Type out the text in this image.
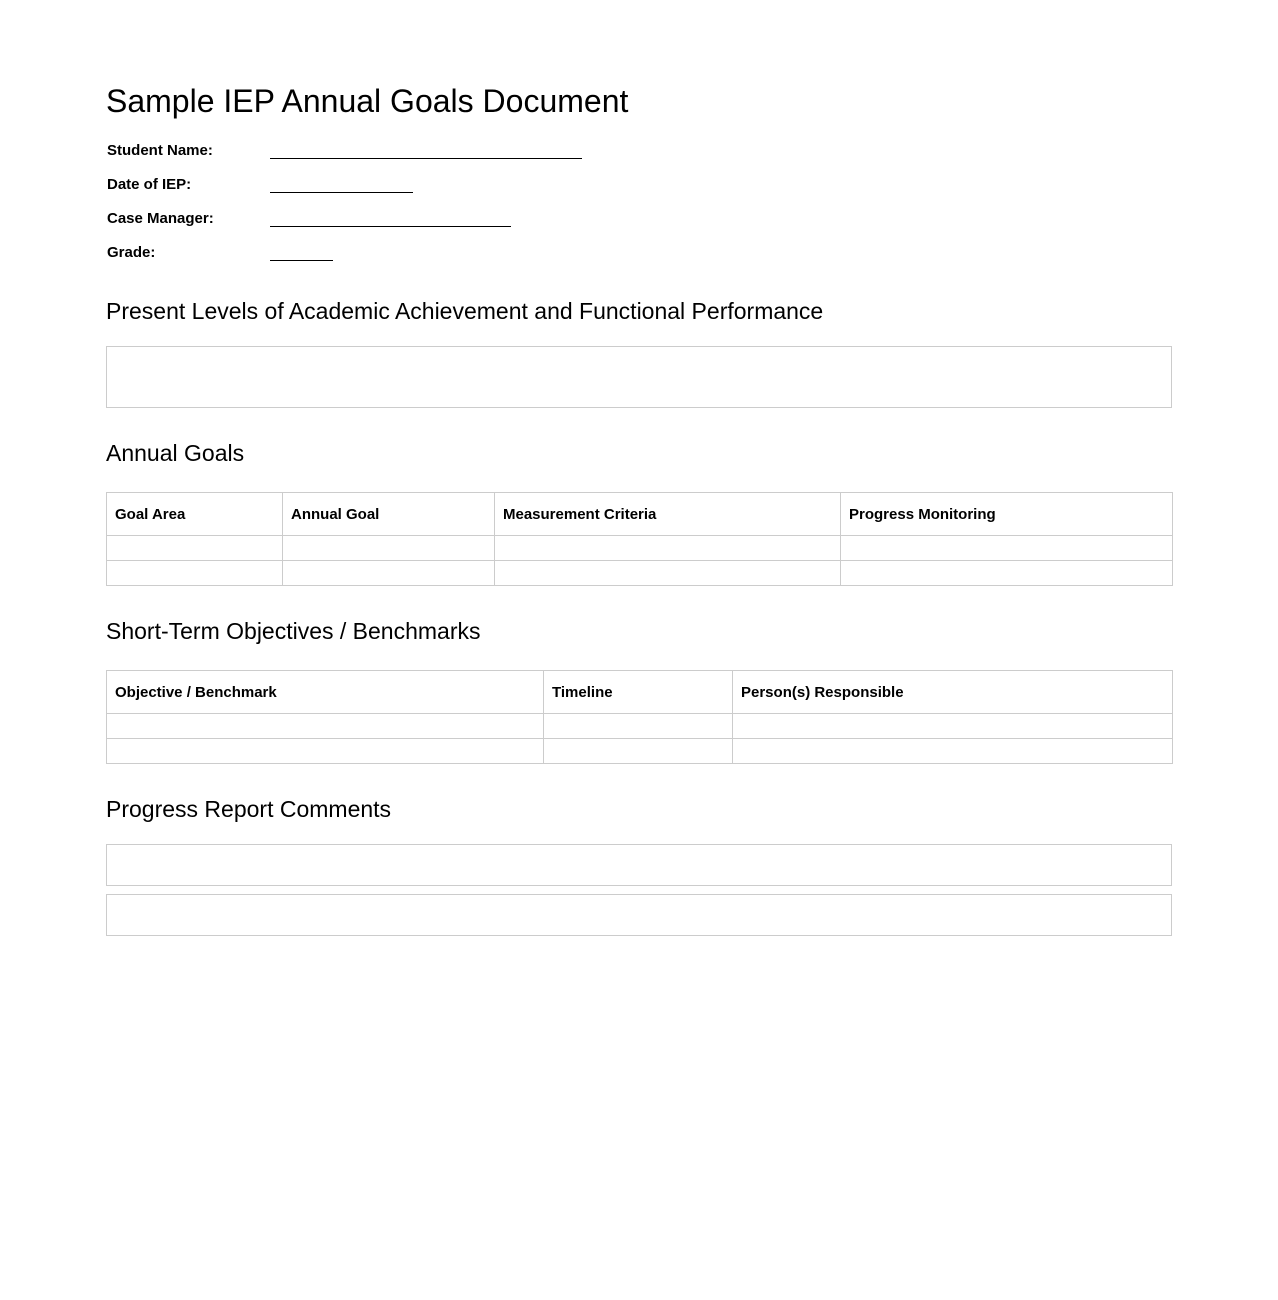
Sample IEP Annual Goals Document
Student Name:
Date of IEP:
Case Manager:
Grade:
Present Levels of Academic Achievement and Functional Performance
Annual Goals
Goal Area	Annual Goal	Measurement Criteria	Progress Monitoring

Short-Term Objectives / Benchmarks
Objective / Benchmark	Timeline	Person(s) Responsible

Progress Report Comments
